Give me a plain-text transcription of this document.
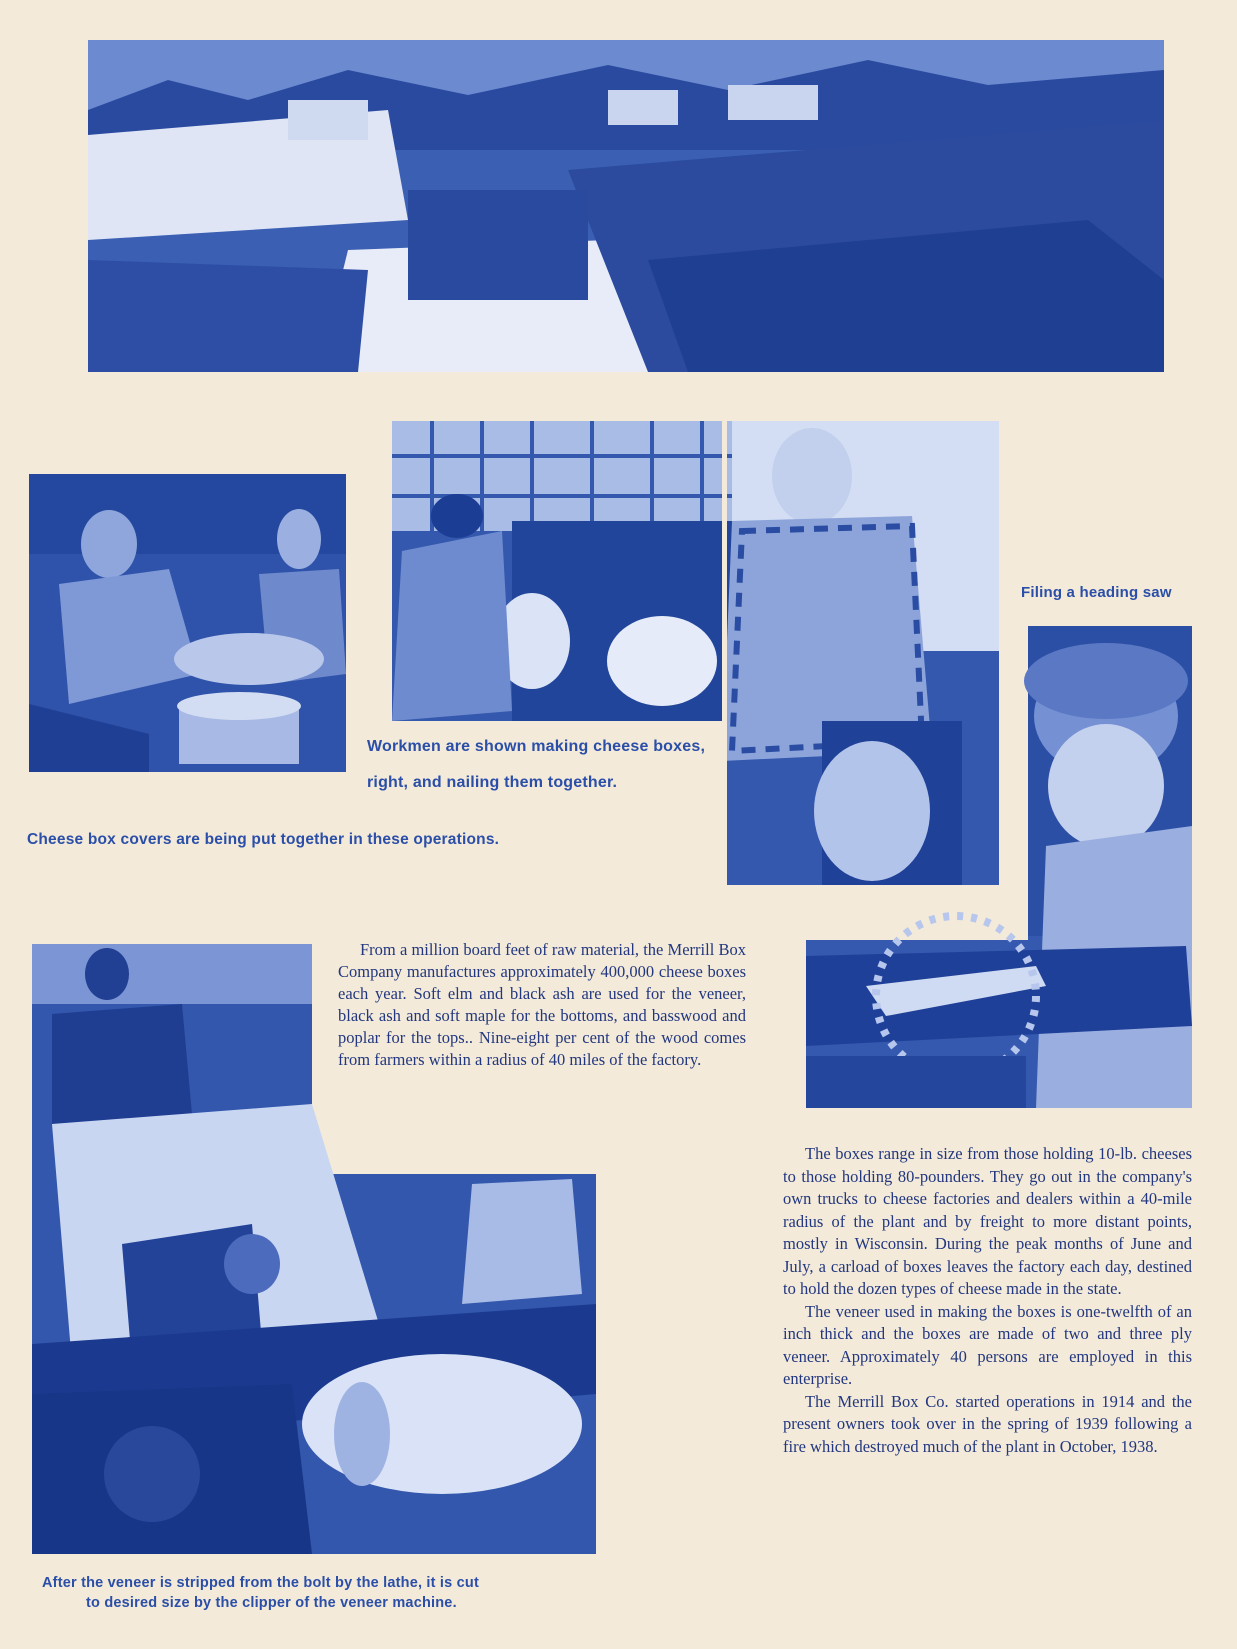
Filing a heading saw
Workmen are shown making cheese boxes,
right, and nailing them together.
Cheese box covers are being put together in these operations.
After the veneer is stripped from the bolt by the lathe, it is cut
to desired size by the clipper of the veneer machine.

From a million board feet of raw material, the Merrill Box Company manufactures approximately 400,000 cheese boxes each year. Soft elm and black ash are used for the veneer, black ash and soft maple for the bottoms, and basswood and poplar for the tops.. Nine-eight per cent of the wood comes from farmers within a radius of 40 miles of the factory.

The boxes range in size from those holding 10-lb. cheeses to those holding 80-pounders. They go out in the company's own trucks to cheese factories and dealers within a 40-mile radius of the plant and by freight to more distant points, mostly in Wisconsin. During the peak months of June and July, a carload of boxes leaves the factory each day, destined to hold the dozen types of cheese made in the state.

The veneer used in making the boxes is one-twelfth of an inch thick and the boxes are made of two and three ply veneer. Approximately 40 persons are employed in this enterprise.

The Merrill Box Co. started operations in 1914 and the present owners took over in the spring of 1939 following a fire which destroyed much of the plant in October, 1938.
